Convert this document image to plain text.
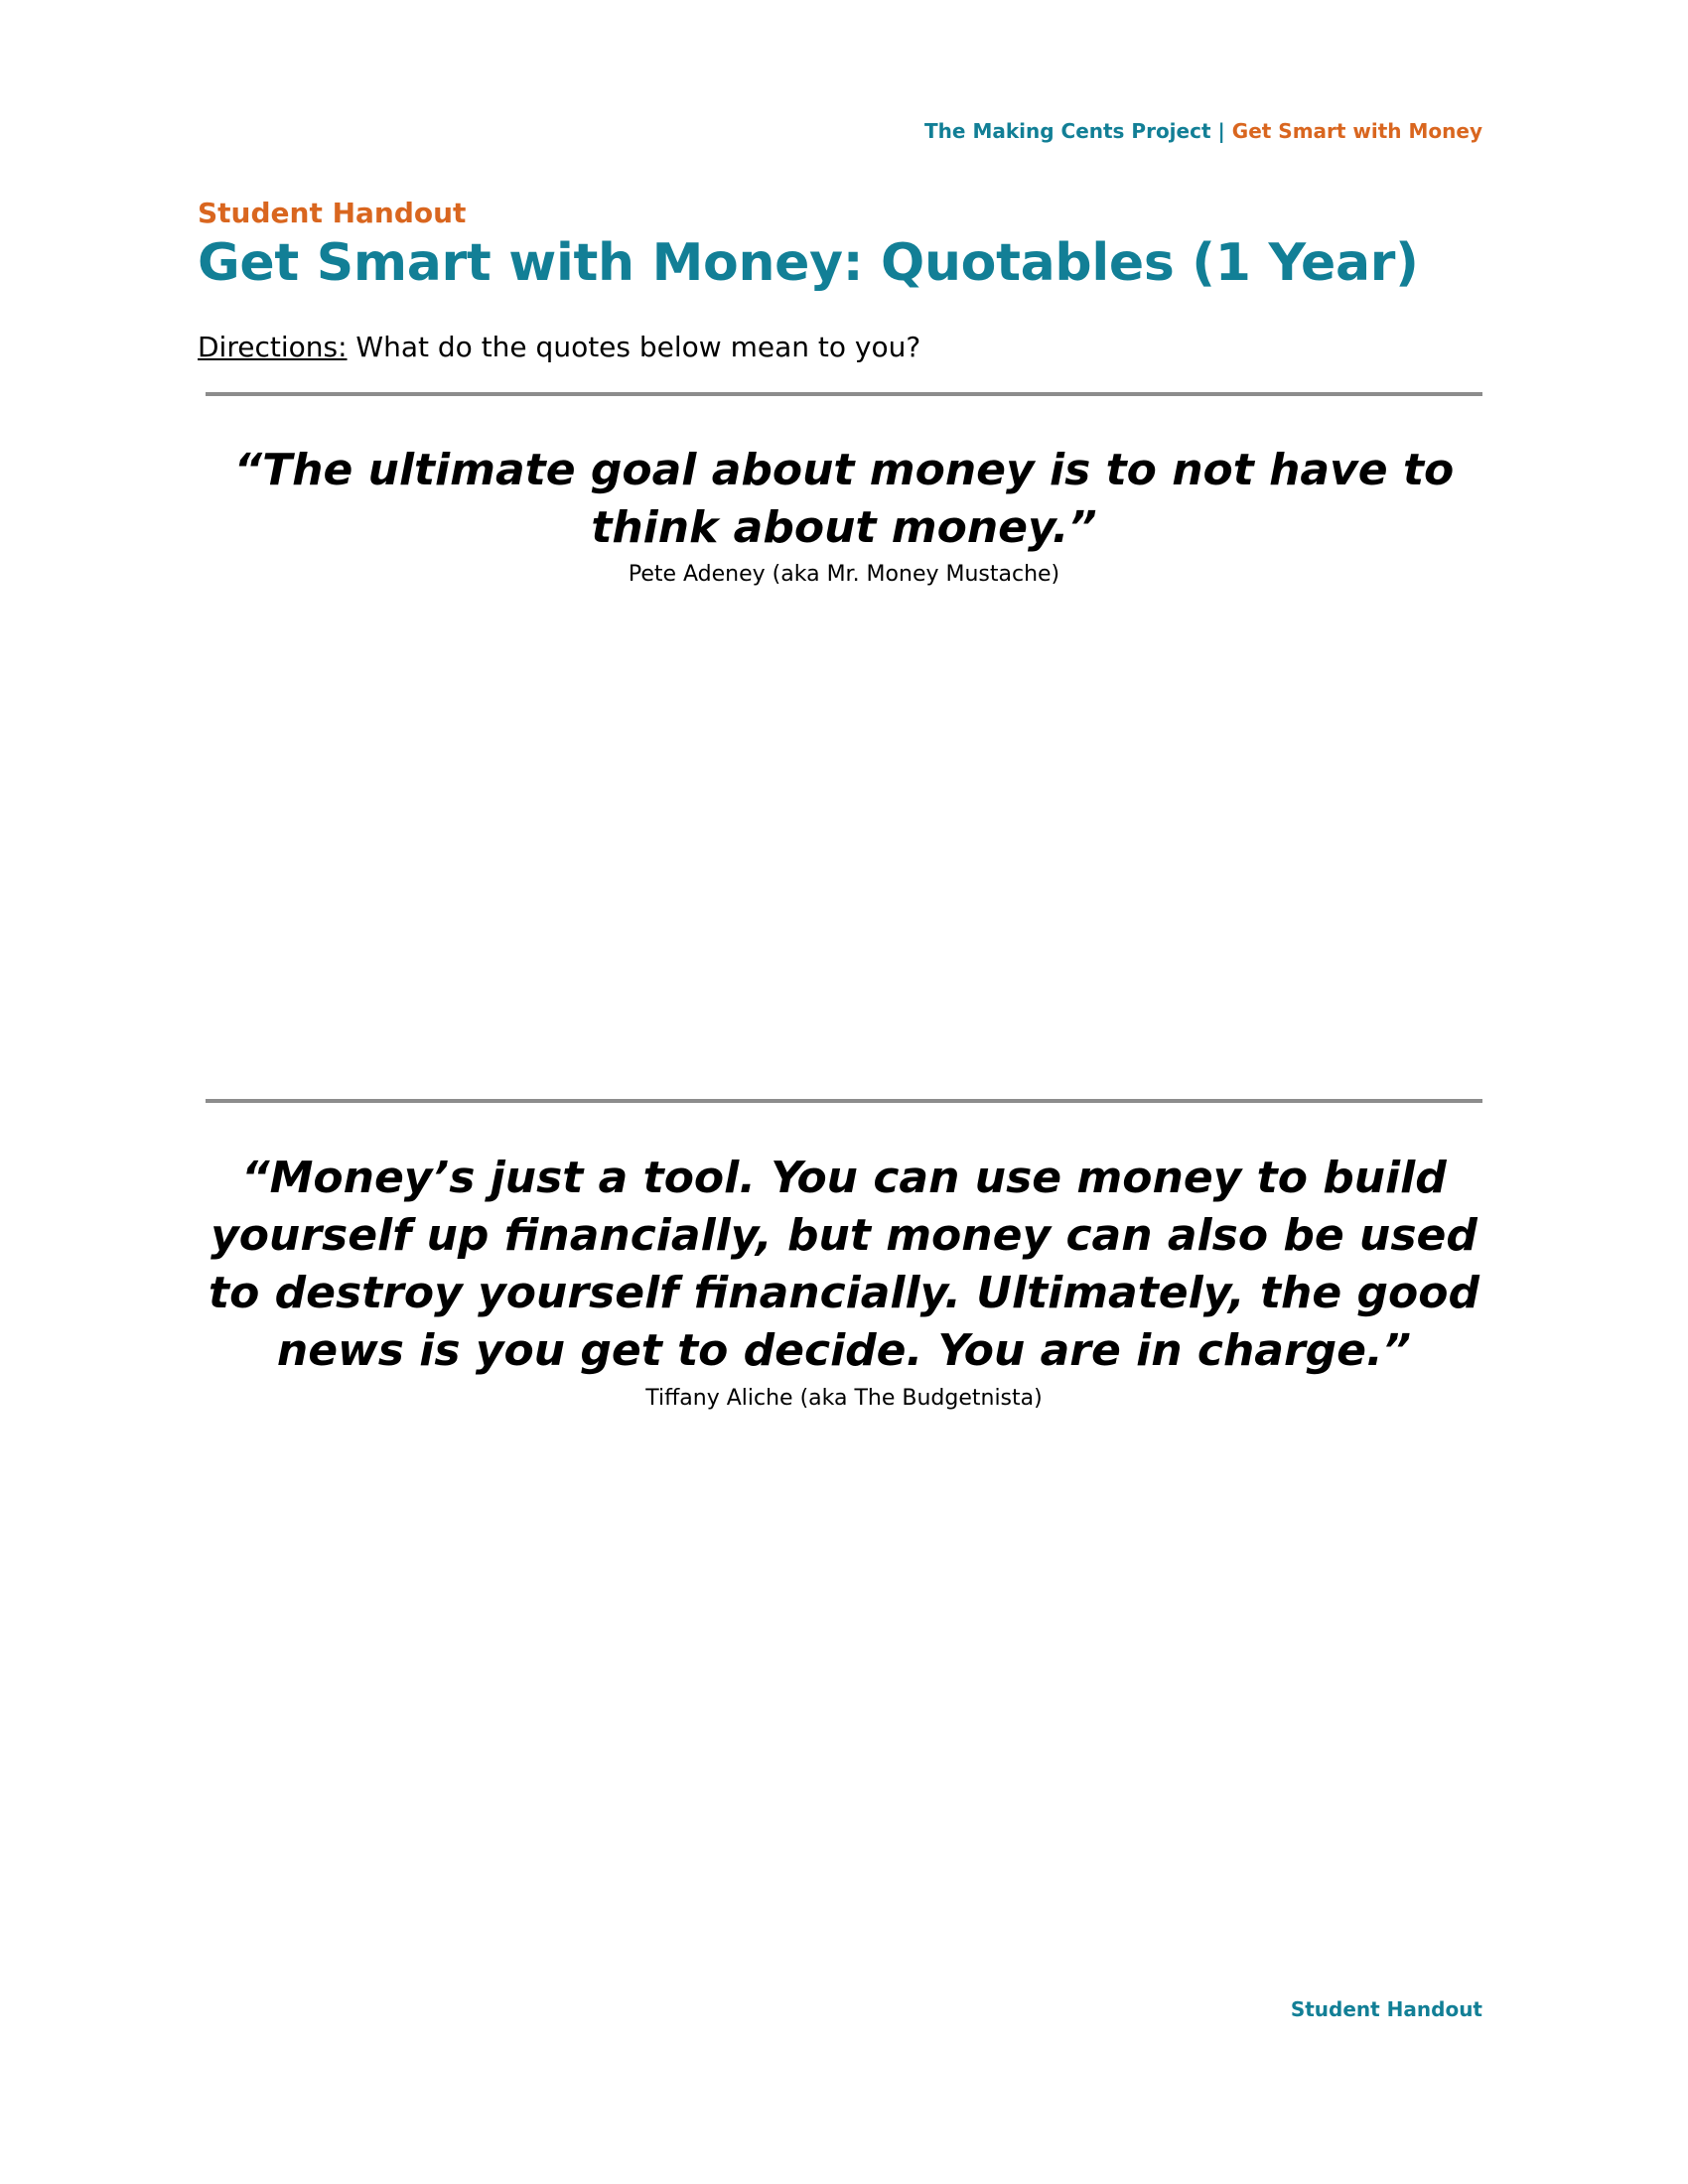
The Making Cents Project | Get Smart with Money
Student Handout
Get Smart with Money: Quotables (1 Year)
Directions: What do the quotes below mean to you?
“The ultimate goal about money is to not have to think about money.”
Pete Adeney (aka Mr. Money Mustache)
“Money’s just a tool. You can use money to build yourself up financially, but money can also be used to destroy yourself financially. Ultimately, the good news is you get to decide. You are in charge.”
Tiffany Aliche (aka The Budgetnista)
Student Handout
